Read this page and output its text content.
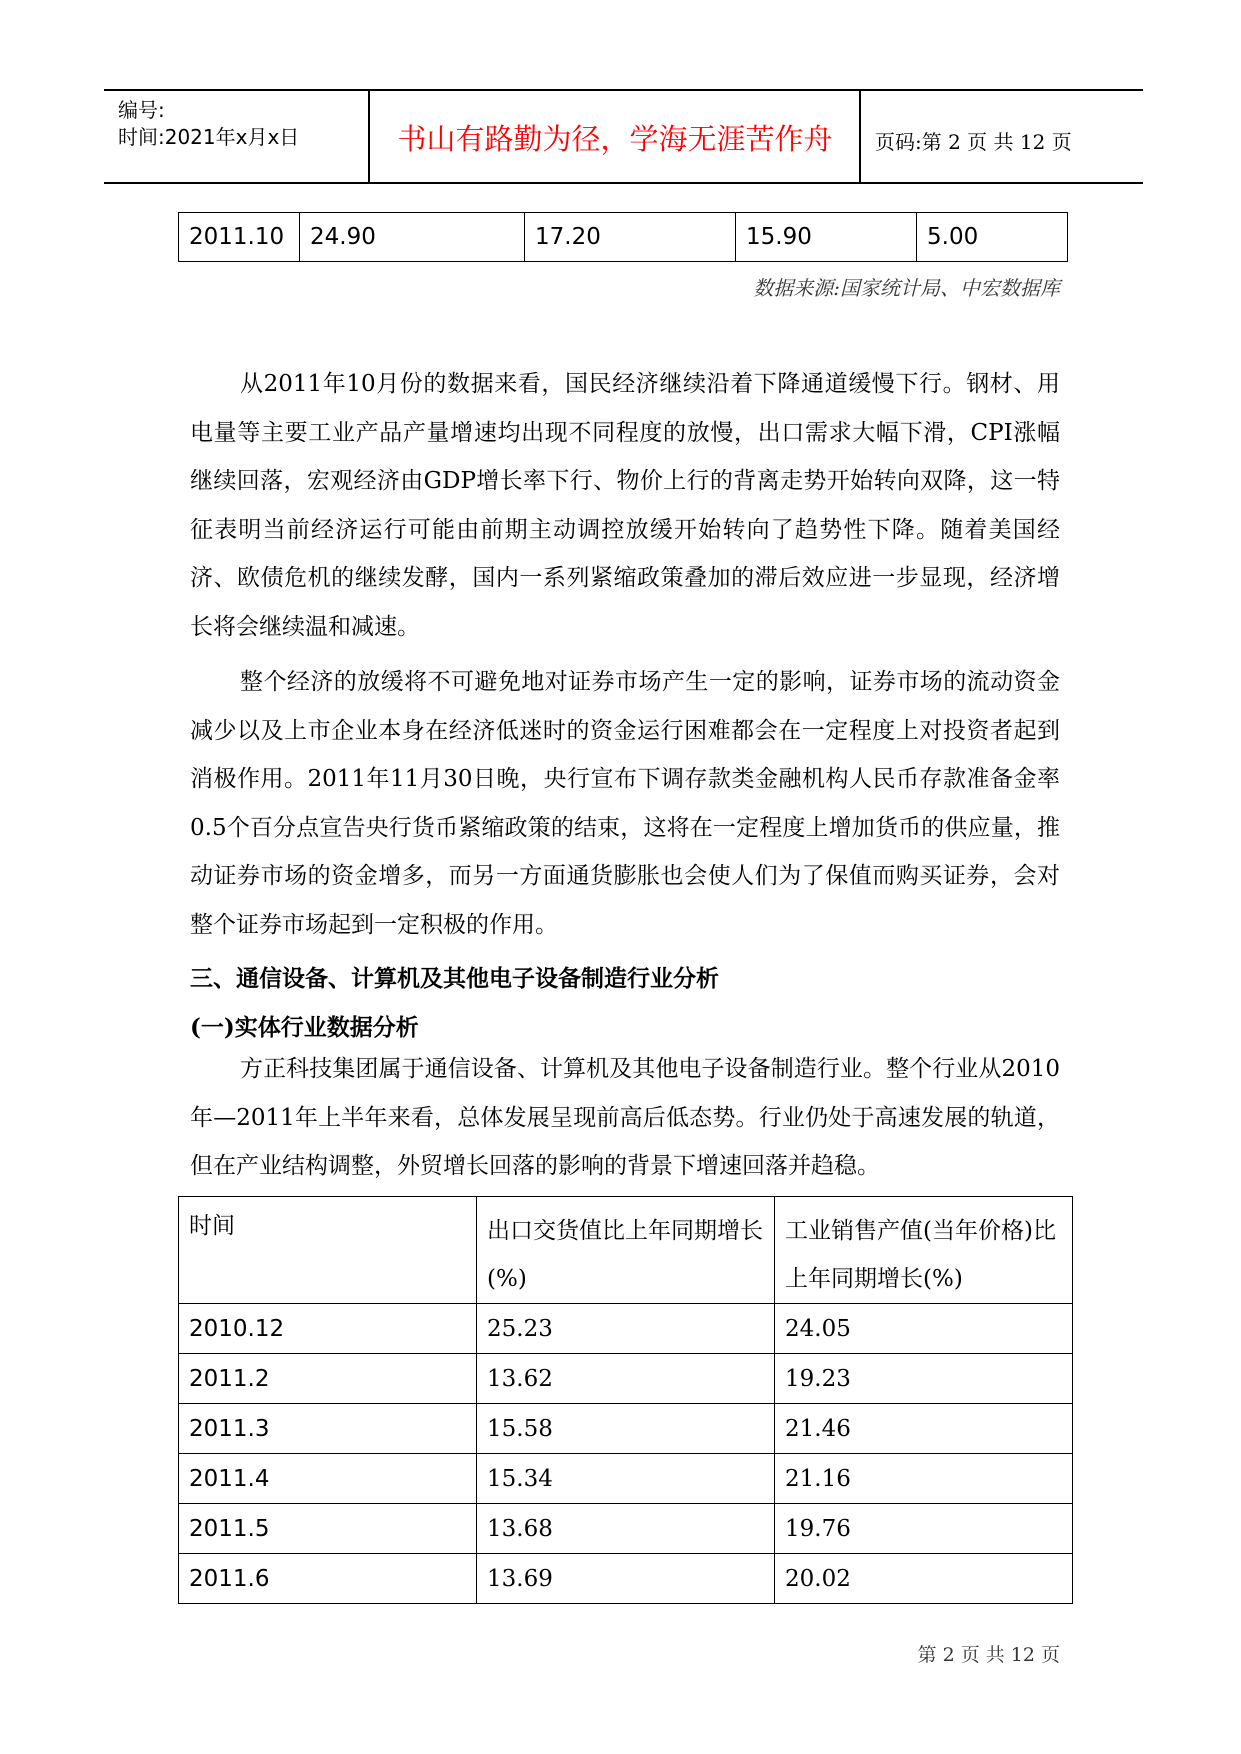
编号:
时间:2021年x月x日	书山有路勤为径，学海无涯苦作舟	页码:第 2 页 共 12 页
2011.10	24.90	17.20	15.90	5.00
数据来源:国家统计局、中宏数据库

从2011年10月份的数据来看，国民经济继续沿着下降通道缓慢下行。钢材、用电量等主要工业产品产量增速均出现不同程度的放慢，出口需求大幅下滑，CPI涨幅继续回落，宏观经济由GDP增长率下行、物价上行的背离走势开始转向双降，这一特征表明当前经济运行可能由前期主动调控放缓开始转向了趋势性下降。随着美国经济、欧债危机的继续发酵，国内一系列紧缩政策叠加的滞后效应进一步显现，经济增长将会继续温和减速。

整个经济的放缓将不可避免地对证券市场产生一定的影响，证券市场的流动资金减少以及上市企业本身在经济低迷时的资金运行困难都会在一定程度上对投资者起到消极作用。2011年11月30日晚，央行宣布下调存款类金融机构人民币存款准备金率0.5个百分点宣告央行货币紧缩政策的结束，这将在一定程度上增加货币的供应量，推动证券市场的资金增多，而另一方面通货膨胀也会使人们为了保值而购买证券，会对整个证券市场起到一定积极的作用。

三、通信设备、计算机及其他电子设备制造行业分析

(一)实体行业数据分析

方正科技集团属于通信设备、计算机及其他电子设备制造行业。整个行业从2010年—2011年上半年来看，总体发展呈现前高后低态势。行业仍处于高速发展的轨道，但在产业结构调整，外贸增长回落的影响的背景下增速回落并趋稳。

时间	出口交货值比上年同期增长(%)	工业销售产值(当年价格)比上年同期增长(%)
2010.12	25.23	24.05
2011.2	13.62	19.23
2011.3	15.58	21.46
2011.4	15.34	21.16
2011.5	13.68	19.76
2011.6	13.69	20.02
第 2 页 共 12 页
